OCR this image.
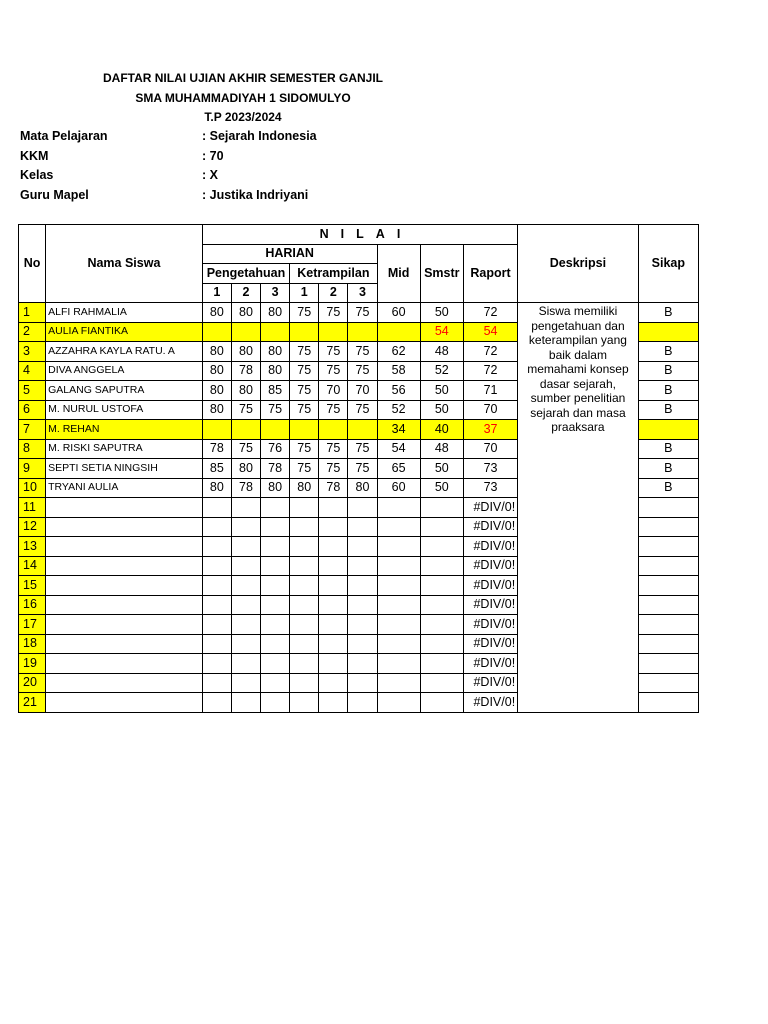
DAFTAR NILAI UJIAN AKHIR SEMESTER GANJIL
SMA MUHAMMADIYAH 1 SIDOMULYO
T.P 2023/2024
Mata Pelajaran	: Sejarah Indonesia
KKM	: 70
Kelas	: X
Guru Mapel	: Justika Indriyani
No	Nama Siswa	NILAI									Deskripsi	Sikap
		HARIAN						Mid	Smstr	Raport		
		Pengetahuan			Ketrampilan							
		1	2	3	1	2	3					
1	ALFI RAHMALIA	80	80	80	75	75	75	60	50	72	Siswa memiliki pengetahuan dan keterampilan yang baik dalam memahami konsep dasar sejarah, sumber penelitian sejarah dan masa praaksara	B
2	AULIA FIANTIKA								54	54		
3	AZZAHRA KAYLA RATU. A	80	80	80	75	75	75	62	48	72		B
4	DIVA ANGGELA	80	78	80	75	75	75	58	52	72		B
5	GALANG SAPUTRA	80	80	85	75	70	70	56	50	71		B
6	M. NURUL USTOFA	80	75	75	75	75	75	52	50	70		B
7	M. REHAN							34	40	37		
8	M. RISKI SAPUTRA	78	75	76	75	75	75	54	48	70		B
9	SEPTI SETIA NINGSIH	85	80	78	75	75	75	65	50	73		B
10	TRYANI AULIA	80	78	80	80	78	80	60	50	73		B
11										#DIV/0!		
12										#DIV/0!		
13										#DIV/0!		
14										#DIV/0!		
15										#DIV/0!		
16										#DIV/0!		
17										#DIV/0!		
18										#DIV/0!		
19										#DIV/0!		
20										#DIV/0!		
21										#DIV/0!		
